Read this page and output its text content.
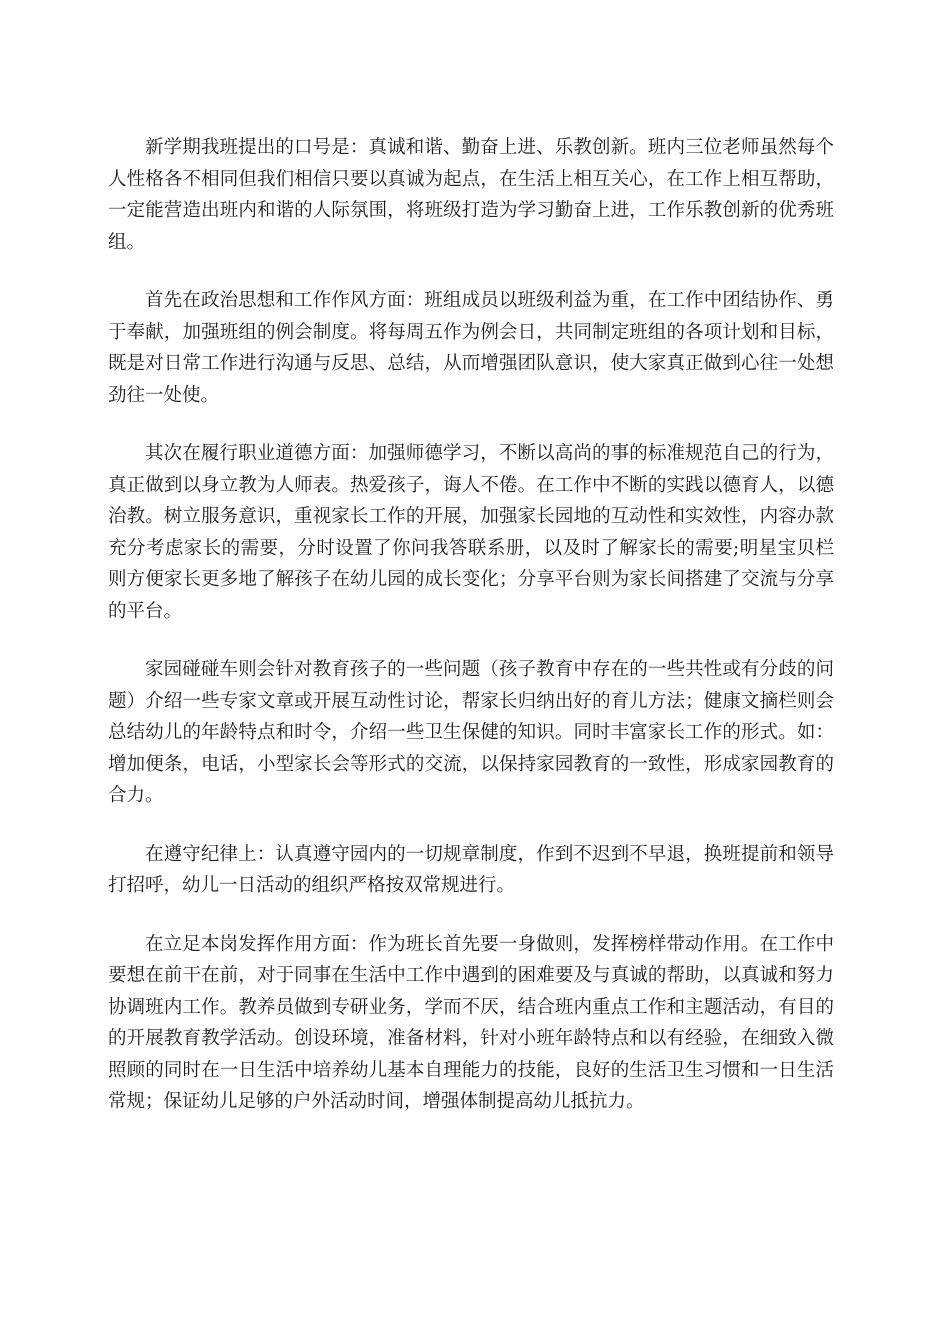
新学期我班提出的口号是：真诚和谐、勤奋上进、乐教创新。班内三位老师虽然每个人性格各不相同但我们相信只要以真诚为起点，在生活上相互关心，在工作上相互帮助，一定能营造出班内和谐的人际氛围，将班级打造为学习勤奋上进，工作乐教创新的优秀班组。

首先在政治思想和工作作风方面：班组成员以班级利益为重，在工作中团结协作、勇于奉献，加强班组的例会制度。将每周五作为例会日，共同制定班组的各项计划和目标，既是对日常工作进行沟通与反思、总结，从而增强团队意识，使大家真正做到心往一处想劲往一处使。

其次在履行职业道德方面：加强师德学习，不断以高尚的事的标准规范自己的行为，真正做到以身立教为人师表。热爱孩子，诲人不倦。在工作中不断的实践以德育人，以德治教。树立服务意识，重视家长工作的开展，加强家长园地的互动性和实效性，内容办款充分考虑家长的需要，分时设置了你问我答联系册，以及时了解家长的需要;明星宝贝栏则方便家长更多地了解孩子在幼儿园的成长变化；分享平台则为家长间搭建了交流与分享的平台。

家园碰碰车则会针对教育孩子的一些问题（孩子教育中存在的一些共性或有分歧的问题）介绍一些专家文章或开展互动性讨论，帮家长归纳出好的育儿方法；健康文摘栏则会总结幼儿的年龄特点和时令，介绍一些卫生保健的知识。同时丰富家长工作的形式。如：增加便条，电话，小型家长会等形式的交流，以保持家园教育的一致性，形成家园教育的合力。

在遵守纪律上：认真遵守园内的一切规章制度，作到不迟到不早退，换班提前和领导打招呼，幼儿一日活动的组织严格按双常规进行。

在立足本岗发挥作用方面：作为班长首先要一身做则，发挥榜样带动作用。在工作中要想在前干在前，对于同事在生活中工作中遇到的困难要及与真诚的帮助，以真诚和努力协调班内工作。教养员做到专研业务，学而不厌，结合班内重点工作和主题活动，有目的的开展教育教学活动。创设环境，准备材料，针对小班年龄特点和以有经验，在细致入微照顾的同时在一日生活中培养幼儿基本自理能力的技能，良好的生活卫生习惯和一日生活常规；保证幼儿足够的户外活动时间，增强体制提高幼儿抵抗力。
